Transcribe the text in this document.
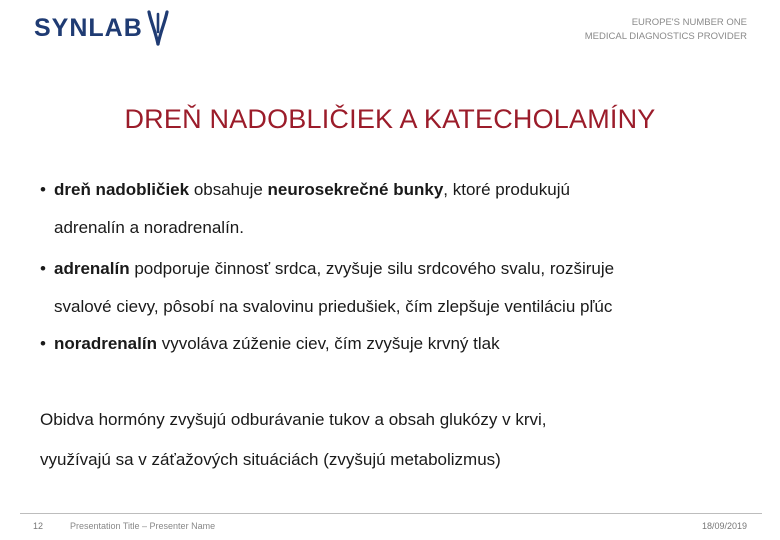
SYNLAB	EUROPE'S NUMBER ONE
MEDICAL DIAGNOSTICS PROVIDER
DREŇ NADOBLIČIEK A KATECHOLAMÍNY
• dreň nadobličiek obsahuje neurosekrečné bunky, ktoré produkujú
adrenalín a noradrenalín.
• adrenalín podporuje činnosť srdca, zvyšuje silu srdcového svalu, rozširuje
svalové cievy, pôsobí na svalovinu priedušiek, čím zlepšuje ventiláciu pľúc
• noradrenalín vyvoláva zúženie ciev, čím zvyšuje krvný tlak
Obidva hormóny zvyšujú odburávanie tukov a obsah glukózy v krvi,
využívajú sa v záťažových situáciách (zvyšujú metabolizmus)
12	Presentation Title – Presenter Name	18/09/2019
